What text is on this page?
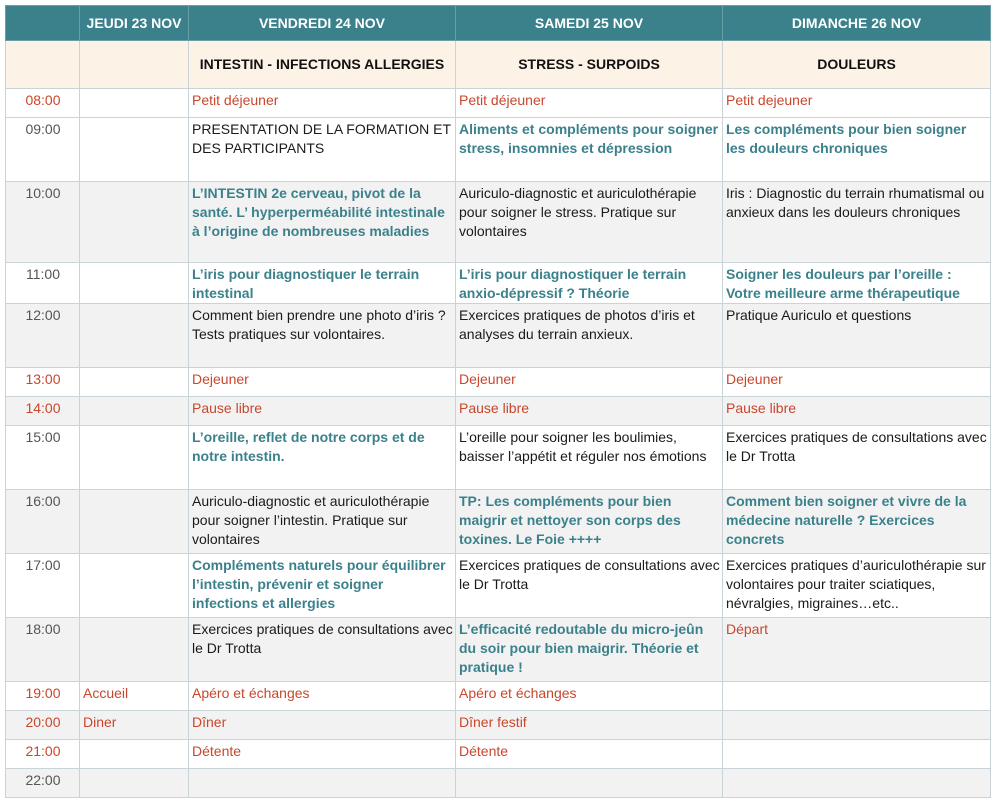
	JEUDI 23 NOV	VENDREDI 24 NOV	SAMEDI 25 NOV	DIMANCHE 26 NOV
		INTESTIN - INFECTIONS ALLERGIES	STRESS - SURPOIDS	DOULEURS
08:00		Petit déjeuner	Petit déjeuner	Petit dejeuner
09:00		PRESENTATION DE LA FORMATION ET DES PARTICIPANTS	Aliments et compléments pour soigner stress, insomnies et dépression	Les compléments pour bien soigner les douleurs chroniques
10:00		L’INTESTIN 2e cerveau, pivot de la santé. L’ hyperperméabilité intestinale à l’origine de nombreuses maladies	Auriculo-diagnostic et auriculothérapie pour soigner le stress. Pratique sur volontaires	Iris : Diagnostic du terrain rhumatismal ou anxieux dans les douleurs chroniques
11:00		L’iris pour diagnostiquer le terrain intestinal	L’iris pour diagnostiquer le terrain anxio-dépressif ? Théorie	Soigner les douleurs par l’oreille : Votre meilleure arme thérapeutique
12:00		Comment bien prendre une photo d’iris ? Tests pratiques sur volontaires.	Exercices pratiques de photos d’iris et analyses du terrain anxieux.	Pratique Auriculo et questions
13:00		Dejeuner	Dejeuner	Dejeuner
14:00		Pause libre	Pause libre	Pause libre
15:00		L’oreille, reflet de notre corps et de notre intestin.	L’oreille pour soigner les boulimies, baisser l’appétit et réguler nos émotions	Exercices pratiques de consultations avec le Dr Trotta
16:00		Auriculo-diagnostic et auriculothérapie pour soigner l’intestin. Pratique sur volontaires	TP: Les compléments pour bien maigrir et nettoyer son corps des toxines. Le Foie ++++	Comment bien soigner et vivre de la médecine naturelle ? Exercices concrets
17:00		Compléments naturels pour équilibrer l’intestin, prévenir et soigner infections et allergies	Exercices pratiques de consultations avec le Dr Trotta	Exercices pratiques d’auriculothérapie sur volontaires pour traiter sciatiques, névralgies, migraines…etc..
18:00		Exercices pratiques de consultations avec le Dr Trotta	L’efficacité redoutable du micro-jeûn du soir pour bien maigrir. Théorie et pratique !	Départ
19:00	Accueil	Apéro et échanges	Apéro et échanges	
20:00	Diner	Dîner	Dîner festif	
21:00		Détente	Détente	
22:00				
